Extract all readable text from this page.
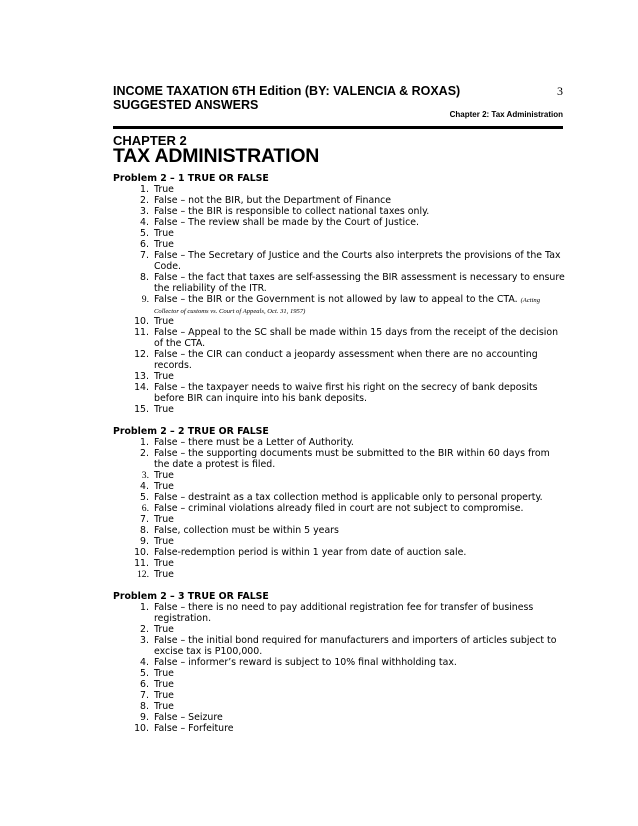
INCOME TAXATION 6TH Edition (BY: VALENCIA & ROXAS)
SUGGESTED ANSWERS
3
Chapter 2: Tax Administration
CHAPTER 2
TAX ADMINISTRATION
Problem 2 – 1 TRUE OR FALSE
1. True
2. False – not the BIR, but the Department of Finance
3. False – the BIR is responsible to collect national taxes only.
4. False – The review shall be made by the Court of Justice.
5. True
6. True
7. False – The Secretary of Justice and the Courts also interprets the provisions of the Tax Code.
8. False – the fact that taxes are self-assessing the BIR assessment is necessary to ensure the reliability of the ITR.
9. False – the BIR or the Government is not allowed by law to appeal to the CTA. (Acting Collector of customs vs. Court of Appeals, Oct. 31, 1957)
10. True
11. False – Appeal to the SC shall be made within 15 days from the receipt of the decision of the CTA.
12. False – the CIR can conduct a jeopardy assessment when there are no accounting records.
13. True
14. False – the taxpayer needs to waive first his right on the secrecy of bank deposits before BIR can inquire into his bank deposits.
15. True
Problem 2 – 2 TRUE OR FALSE
1. False – there must be a Letter of Authority.
2. False – the supporting documents must be submitted to the BIR within 60 days from the date a protest is filed.
3. True
4. True
5. False – destraint as a tax collection method is applicable only to personal property.
6. False – criminal violations already filed in court are not subject to compromise.
7. True
8. False, collection must be within 5 years
9. True
10. False-redemption period is within 1 year from date of auction sale.
11. True
12. True
Problem 2 – 3 TRUE OR FALSE
1. False – there is no need to pay additional registration fee for transfer of business registration.
2. True
3. False – the initial bond required for manufacturers and importers of articles subject to excise tax is P100,000.
4. False – informer’s reward is subject to 10% final withholding tax.
5. True
6. True
7. True
8. True
9. False – Seizure
10. False – Forfeiture
